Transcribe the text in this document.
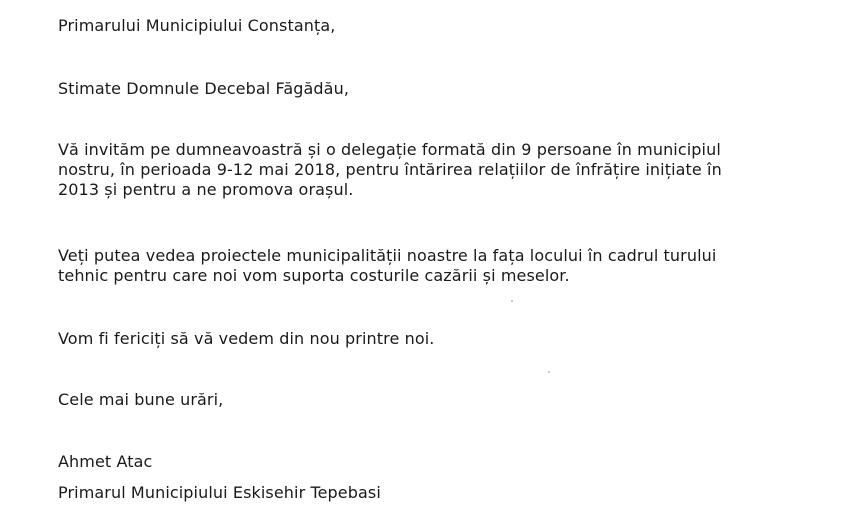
Primarului Municipiului Constanța,
Stimate Domnule Decebal Făgădău,
Vă invităm pe dumneavoastră și o delegație formată din 9 persoane în municipiul
nostru, în perioada 9-12 mai 2018, pentru întărirea relațiilor de înfrățire inițiate în
2013 și pentru a ne promova orașul.
Veți putea vedea proiectele municipalității noastre la fața locului în cadrul turului
tehnic pentru care noi vom suporta costurile cazării și meselor.
Vom fi fericiți să vă vedem din nou printre noi.
Cele mai bune urări,
Ahmet Atac
Primarul Municipiului Eskisehir Tepebasi
